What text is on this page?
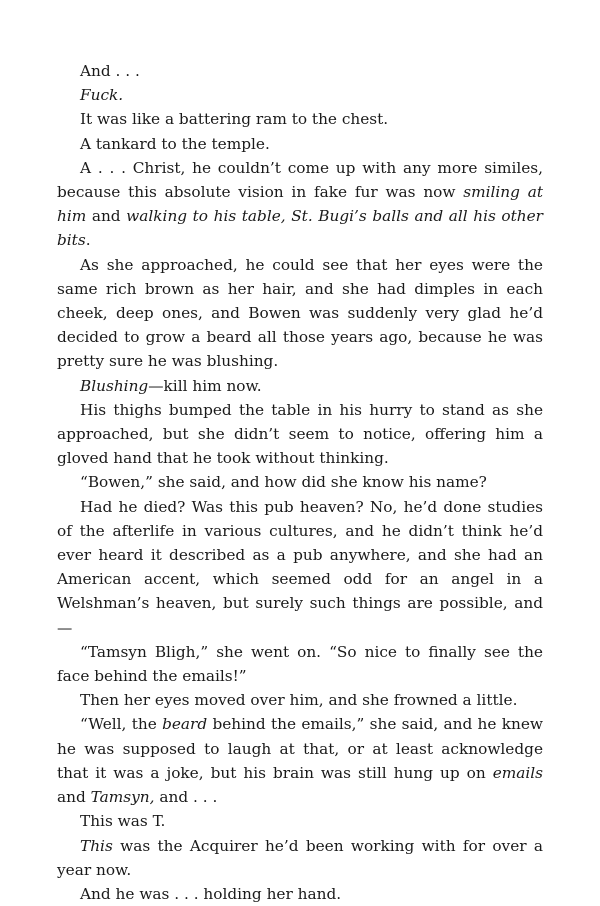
And . . .

Fuck.

It was like a battering ram to the chest.

A tankard to the temple.

A . . . Christ, he couldn’t come up with any more similes, because this absolute vision in fake fur was now smiling at him and walking to his table, St. Bugi’s balls and all his other bits.

As she approached, he could see that her eyes were the same rich brown as her hair, and she had dimples in each cheek, deep ones, and Bowen was suddenly very glad he’d decided to grow a beard all those years ago, because he was pretty sure he was blushing.

Blushing—kill him now.

His thighs bumped the table in his hurry to stand as she approached, but she didn’t seem to notice, offering him a gloved hand that he took without thinking.

“Bowen,” she said, and how did she know his name?

Had he died? Was this pub heaven? No, he’d done studies of the afterlife in various cultures, and he didn’t think he’d ever heard it described as a pub anywhere, and she had an American accent, which seemed odd for an angel in a Welshman’s heaven, but surely such things are possible, and—

“Tamsyn Bligh,” she went on. “So nice to finally see the face behind the emails!”

Then her eyes moved over him, and she frowned a little.

“Well, the beard behind the emails,” she said, and he knew he was supposed to laugh at that, or at least acknowledge that it was a joke, but his brain was still hung up on emails and Tamsyn, and . . .

This was T.

This was the Acquirer he’d been working with for over a year now.

And he was . . . holding her hand.
